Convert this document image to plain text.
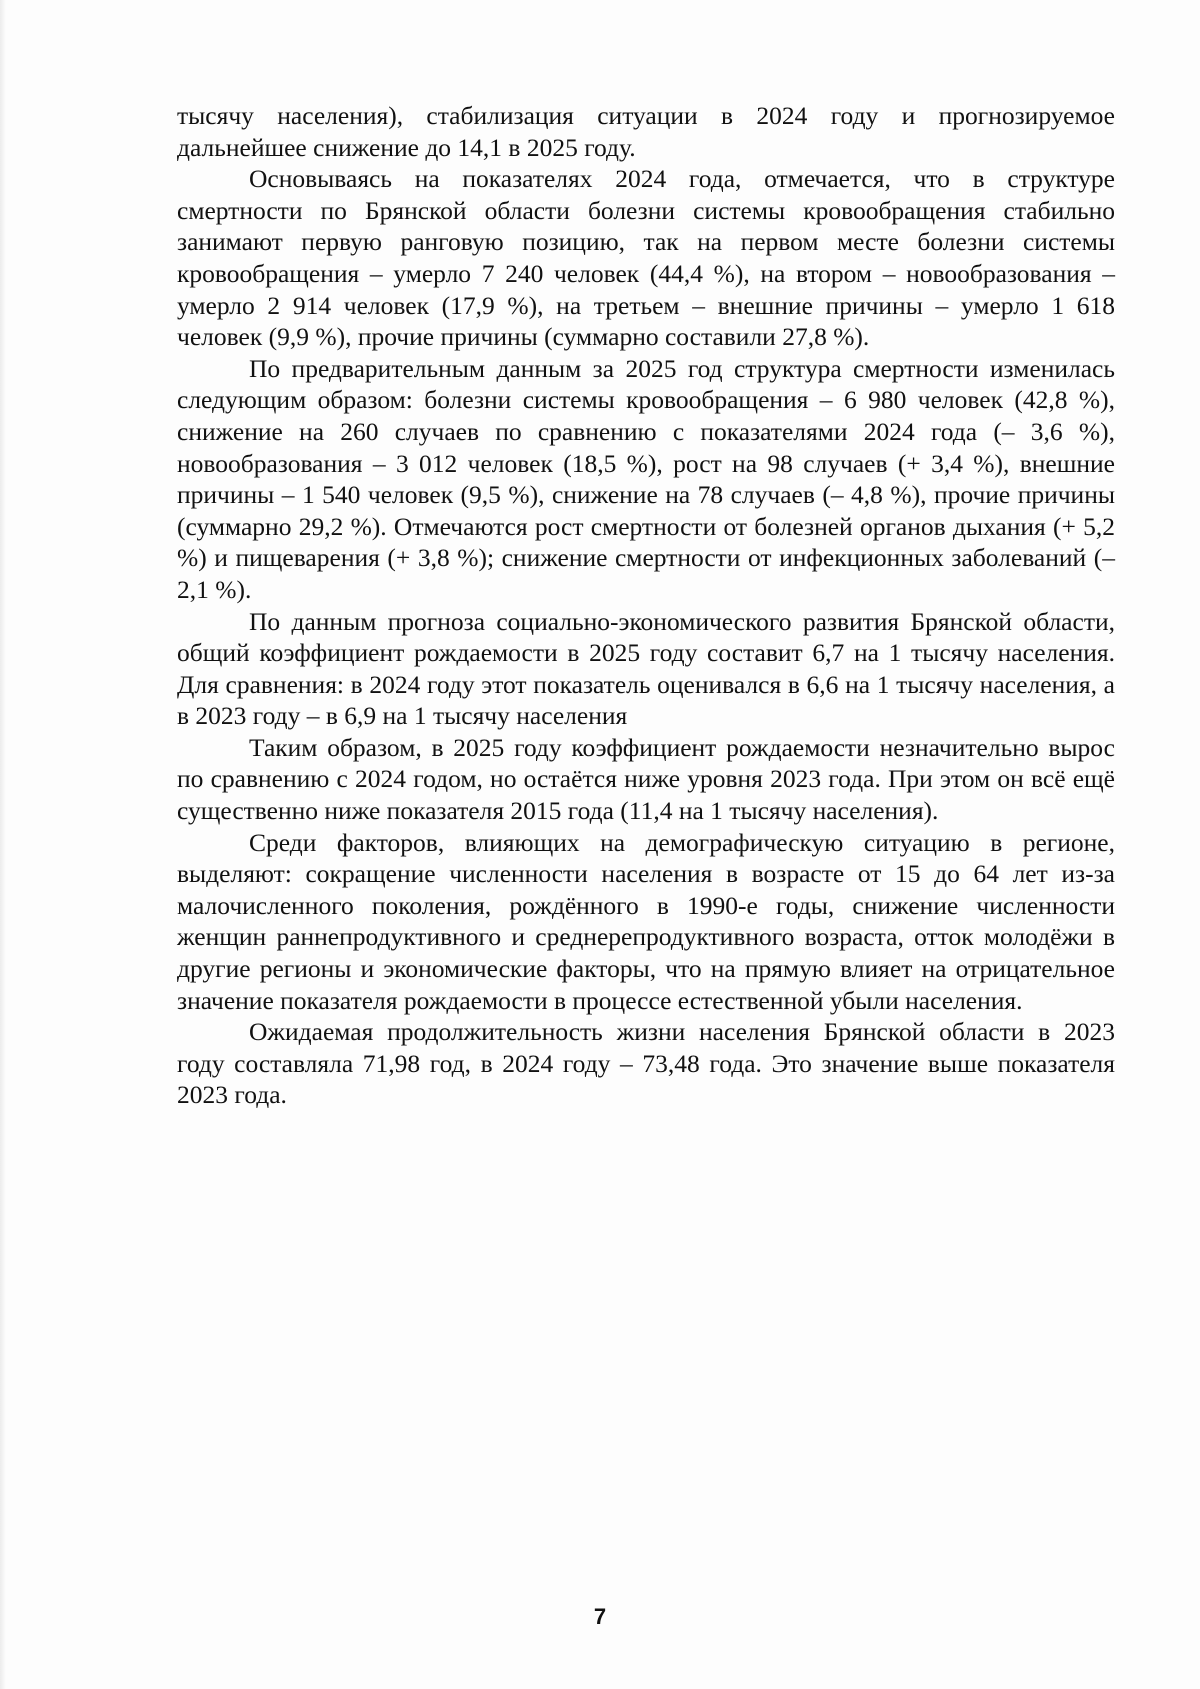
тысячу населения), стабилизация ситуации в 2024 году и прогнозируемое дальнейшее снижение до 14,1 в 2025 году.

Основываясь на показателях 2024 года, отмечается, что в структуре смертности по Брянской области болезни системы кровообращения стабильно занимают первую ранговую позицию, так на первом месте болезни системы кровообращения – умерло 7 240 человек (44,4 %), на втором – новообразования – умерло 2 914 человек (17,9 %), на третьем – внешние причины – умерло 1 618 человек (9,9 %), прочие причины (суммарно составили 27,8 %).

По предварительным данным за 2025 год структура смертности изменилась следующим образом: болезни системы кровообращения – 6 980 человек (42,8 %), снижение на 260 случаев по сравнению с показателями 2024 года (– 3,6 %), новообразования – 3 012 человек (18,5 %), рост на 98 случаев (+ 3,4 %), внешние причины – 1 540 человек (9,5 %), снижение на 78 случаев (– 4,8 %), прочие причины (суммарно 29,2 %). Отмечаются рост смертности от болезней органов дыхания (+ 5,2 %) и пищеварения (+ 3,8 %); снижение смертности от инфекционных заболеваний (– 2,1 %).

По данным прогноза социально-экономического развития Брянской области, общий коэффициент рождаемости в 2025 году составит 6,7 на 1 тысячу населения. Для сравнения: в 2024 году этот показатель оценивался в 6,6 на 1 тысячу населения, а в 2023 году – в 6,9 на 1 тысячу населения

Таким образом, в 2025 году коэффициент рождаемости незначительно вырос по сравнению с 2024 годом, но остаётся ниже уровня 2023 года. При этом он всё ещё существенно ниже показателя 2015 года (11,4 на 1 тысячу населения).

Среди факторов, влияющих на демографическую ситуацию в регионе, выделяют: сокращение численности населения в возрасте от 15 до 64 лет из-за малочисленного поколения, рождённого в 1990-е годы, снижение численности женщин раннепродуктивного и среднерепродуктивного возраста, отток молодёжи в другие регионы и экономические факторы, что на прямую влияет на отрицательное значение показателя рождаемости в процессе естественной убыли населения.

Ожидаемая продолжительность жизни населения Брянской области в 2023 году составляла 71,98 год, в 2024 году – 73,48 года. Это значение выше показателя 2023 года.

7
